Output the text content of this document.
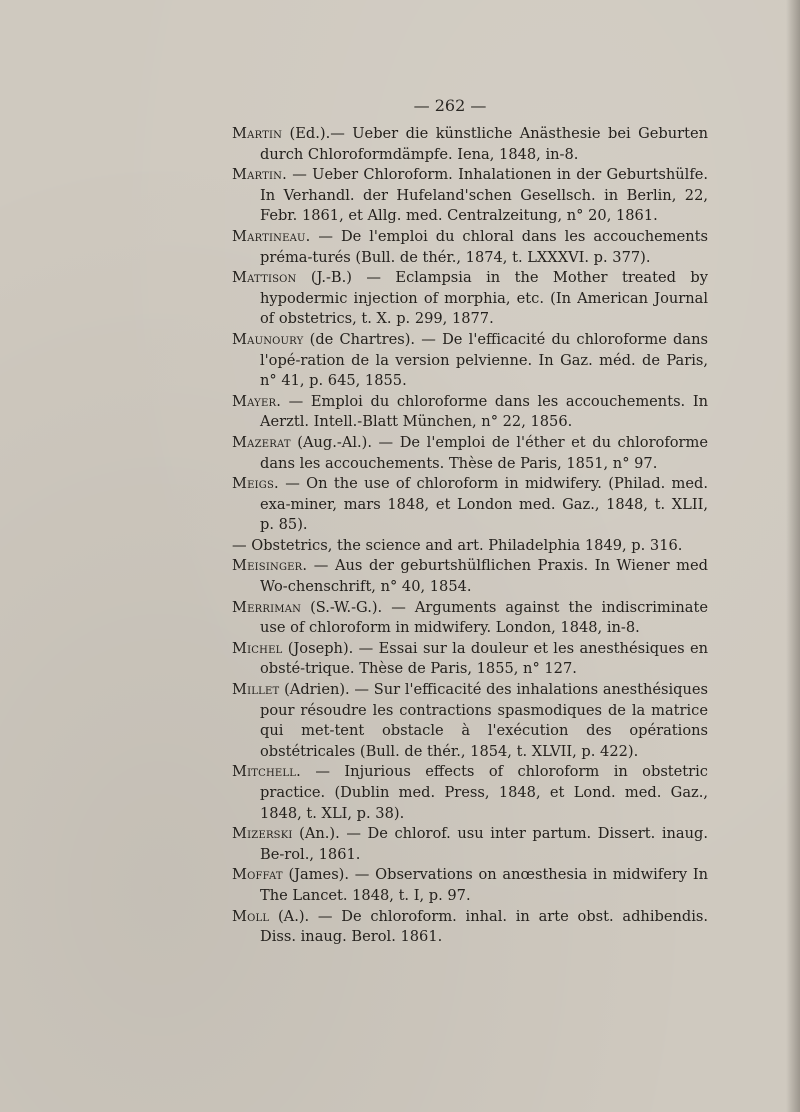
— 262 —

Martin (Ed.).— Ueber die künstliche Anästhesie bei Geburten durch Chloroformdämpfe. Iena, 1848, in-8.

Martin. — Ueber Chloroform. Inhalationen in der Geburtshülfe. In Verhandl. der Hufeland'schen Gesellsch. in Berlin, 22, Febr. 1861, et Allg. med. Centralzeitung, n° 20, 1861.

Martineau. — De l'emploi du chloral dans les accouchements préma-turés (Bull. de thér., 1874, t. LXXXVI. p. 377).

Mattison (J.-B.) — Eclampsia in the Mother treated by hypodermic injection of morphia, etc. (In American Journal of obstetrics, t. X. p. 299, 1877.

Maunoury (de Chartres). — De l'efficacité du chloroforme dans l'opé-ration de la version pelvienne. In Gaz. méd. de Paris, n° 41, p. 645, 1855.

Mayer. — Emploi du chloroforme dans les accouchements. In Aerztl. Intell.-Blatt München, n° 22, 1856.

Mazerat (Aug.-Al.). — De l'emploi de l'éther et du chloroforme dans les accouchements. Thèse de Paris, 1851, n° 97.

Meigs. — On the use of chloroform in midwifery. (Philad. med. exa-miner, mars 1848, et London med. Gaz., 1848, t. XLII, p. 85).

— Obstetrics, the science and art. Philadelphia 1849, p. 316.

Meisinger. — Aus der geburtshülflichen Praxis. In Wiener med Wo-chenschrift, n° 40, 1854.

Merriman (S.-W.-G.). — Arguments against the indiscriminate use of chloroform in midwifery. London, 1848, in-8.

Michel (Joseph). — Essai sur la douleur et les anesthésiques en obsté-trique. Thèse de Paris, 1855, n° 127.

Millet (Adrien). — Sur l'efficacité des inhalations anesthésiques pour résoudre les contractions spasmodiques de la matrice qui met-tent obstacle à l'exécution des opérations obstétricales (Bull. de thér., 1854, t. XLVII, p. 422).

Mitchell. — Injurious effects of chloroform in obstetric practice. (Dublin med. Press, 1848, et Lond. med. Gaz., 1848, t. XLI, p. 38).

Mizerski (An.). — De chlorof. usu inter partum. Dissert. inaug. Be-rol., 1861.

Moffat (James). — Observations on anœsthesia in midwifery In The Lancet. 1848, t. I, p. 97.

Moll (A.). — De chloroform. inhal. in arte obst. adhibendis. Diss. inaug. Berol. 1861.
